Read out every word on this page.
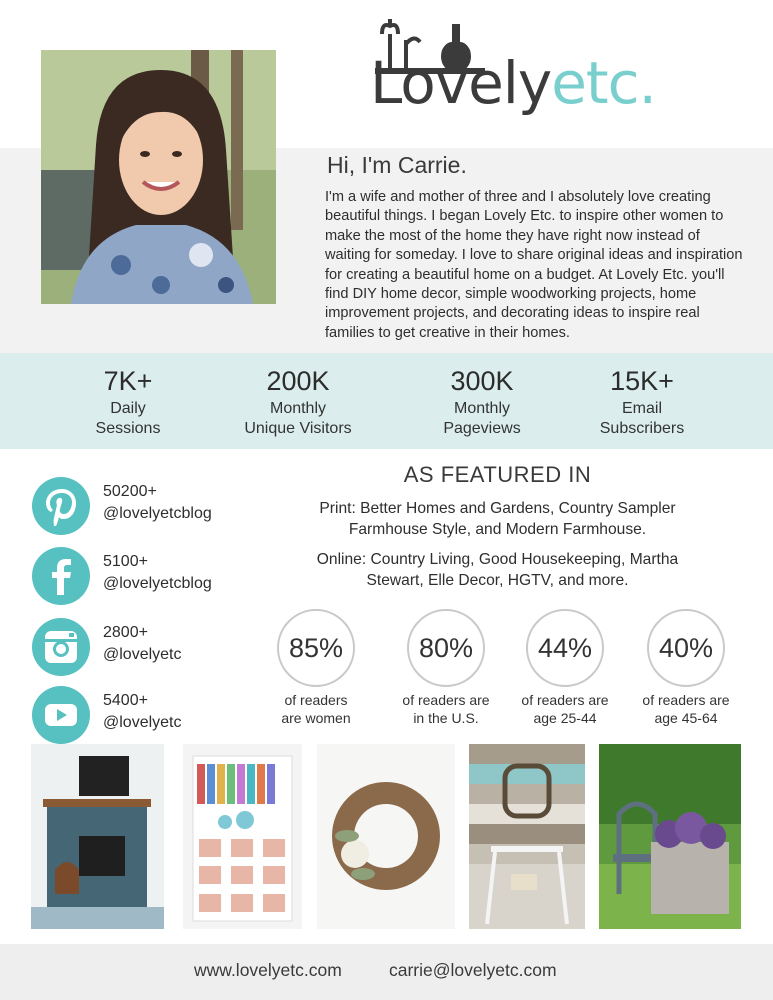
Lovelyetc.
Hi, I'm Carrie.
I'm a wife and mother of three and I absolutely love creating beautiful things. I began Lovely Etc. to inspire other women to make the most of the home they have right now instead of waiting for someday. I love to share original ideas and inspiration for creating a beautiful home on a budget. At Lovely Etc. you'll find DIY home decor, simple woodworking projects, home improvement projects, and decorating ideas to inspire real families to get creative in their homes.
7K+
Daily
Sessions
200K
Monthly
Unique Visitors
300K
Monthly
Pageviews
15K+
Email
Subscribers
50200+
@lovelyetcblog
5100+
@lovelyetcblog
2800+
@lovelyetc
5400+
@lovelyetc
AS FEATURED IN
Print: Better Homes and Gardens, Country Sampler Farmhouse Style, and Modern Farmhouse.
Online: Country Living, Good Housekeeping, Martha Stewart, Elle Decor, HGTV, and more.
85%
of readers
are women
80%
of readers are
in the U.S.
44%
of readers are
age 25-44
40%
of readers are
age 45-64
www.lovelyetc.com	carrie@lovelyetc.com
